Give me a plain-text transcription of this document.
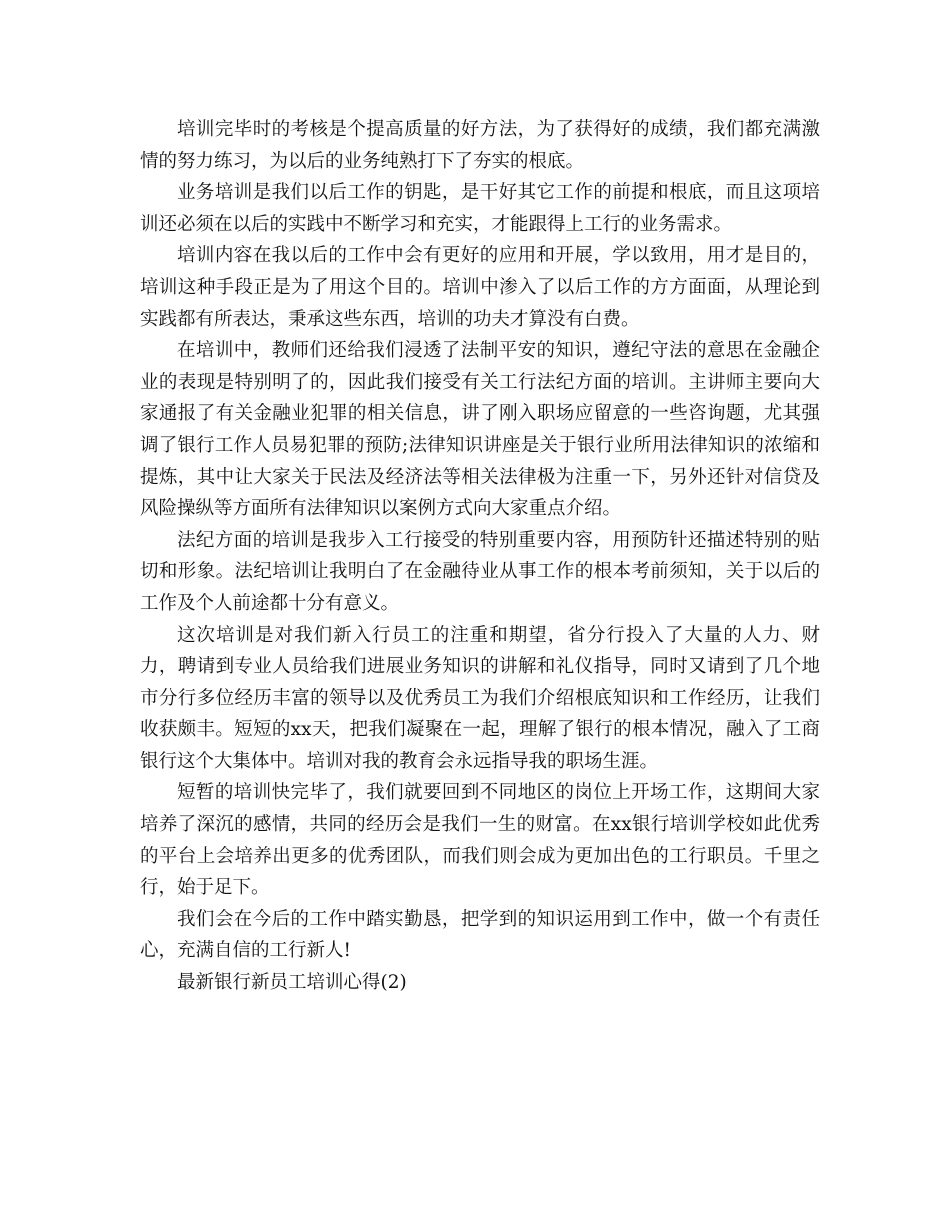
培训完毕时的考核是个提高质量的好方法，为了获得好的成绩，我们都充满激情的努力练习，为以后的业务纯熟打下了夯实的根底。

业务培训是我们以后工作的钥匙，是干好其它工作的前提和根底，而且这项培训还必须在以后的实践中不断学习和充实，才能跟得上工行的业务需求。

培训内容在我以后的工作中会有更好的应用和开展，学以致用，用才是目的，培训这种手段正是为了用这个目的。培训中渗入了以后工作的方方面面，从理论到实践都有所表达，秉承这些东西，培训的功夫才算没有白费。

在培训中，教师们还给我们浸透了法制平安的知识，遵纪守法的意思在金融企业的表现是特别明了的，因此我们接受有关工行法纪方面的培训。主讲师主要向大家通报了有关金融业犯罪的相关信息，讲了刚入职场应留意的一些咨询题，尤其强调了银行工作人员易犯罪的预防;法律知识讲座是关于银行业所用法律知识的浓缩和提炼，其中让大家关于民法及经济法等相关法律极为注重一下，另外还针对信贷及风险操纵等方面所有法律知识以案例方式向大家重点介绍。

法纪方面的培训是我步入工行接受的特别重要内容，用预防针还描述特别的贴切和形象。法纪培训让我明白了在金融待业从事工作的根本考前须知，关于以后的工作及个人前途都十分有意义。

这次培训是对我们新入行员工的注重和期望，省分行投入了大量的人力、财力，聘请到专业人员给我们进展业务知识的讲解和礼仪指导，同时又请到了几个地市分行多位经历丰富的领导以及优秀员工为我们介绍根底知识和工作经历，让我们收获颇丰。短短的xx天，把我们凝聚在一起，理解了银行的根本情况，融入了工商银行这个大集体中。培训对我的教育会永远指导我的职场生涯。

短暂的培训快完毕了，我们就要回到不同地区的岗位上开场工作，这期间大家培养了深沉的感情，共同的经历会是我们一生的财富。在xx银行培训学校如此优秀的平台上会培养出更多的优秀团队，而我们则会成为更加出色的工行职员。千里之行，始于足下。

我们会在今后的工作中踏实勤恳，把学到的知识运用到工作中，做一个有责任心，充满自信的工行新人!

最新银行新员工培训心得(2)
